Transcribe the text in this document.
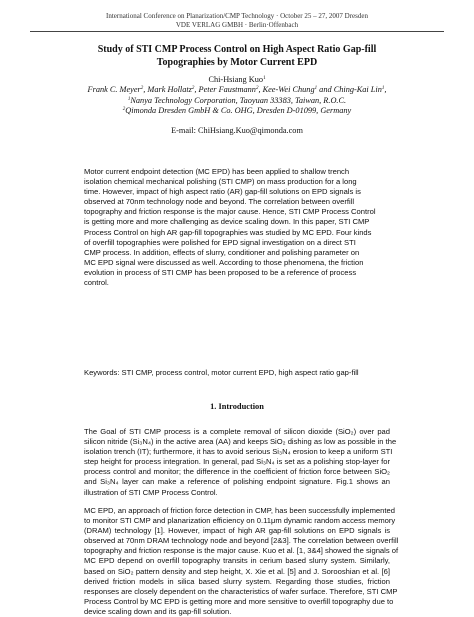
International Conference on Planarization/CMP Technology · October 25 – 27, 2007 Dresden
VDE VERLAG GMBH · Berlin·Offenbach
Study of STI CMP Process Control on High Aspect Ratio Gap-fill
Topographies by Motor Current EPD
Chi-Hsiang Kuo$^1$
Frank C. Meyer$^2$, Mark Hollatz$^2$, Peter Faustmann$^2$, Kee-Wei Chung$^1$ and Ching-Kai Lin$^1$,
$^1$Nanya Technology Corporation, Taoyuan 33383, Taiwan, R.O.C.
$^2$Qimonda Dresden GmbH & Co. OHG, Dresden D-01099, Germany
E-mail: ChiHsiang.Kuo@qimonda.com
Motor current endpoint detection (MC EPD) has been applied to shallow trench
isolation chemical mechanical polishing (STI CMP) on mass production for a long
time. However, impact of high aspect ratio (AR) gap-fill solutions on EPD signals is
observed at 70nm technology node and beyond. The correlation between overfill
topography and friction response is the major cause. Hence, STI CMP Process Control
is getting more and more challenging as device scaling down. In this paper, STI CMP
Process Control on high AR gap-fill topographies was studied by MC EPD. Four kinds
of overfill topographies were polished for EPD signal investigation on a direct STI
CMP process. In addition, effects of slurry, conditioner and polishing parameter on
MC EPD signal were discussed as well. According to those phenomena, the friction
evolution in process of STI CMP has been proposed to be a reference of process
control.
Keywords: STI CMP, process control, motor current EPD, high aspect ratio gap-fill
1. Introduction
The Goal of STI CMP process is a complete removal of silicon dioxide (SiO₂) over pad
silicon nitride (Si₃N₄) in the active area (AA) and keeps SiO₂ dishing as low as possible in the
isolation trench (IT); furthermore, it has to avoid serious Si₃N₄ erosion to keep a uniform STI
step height for process integration. In general, pad Si₃N₄ is set as a polishing stop-layer for
process control and monitor; the difference in the coefficient of friction force between SiO₂
and Si₃N₄ layer can make a reference of polishing endpoint signature. Fig.1 shows an
illustration of STI CMP Process Control.
MC EPD, an approach of friction force detection in CMP, has been successfully implemented
to monitor STI CMP and planarization efficiency on 0.11μm dynamic random access memory
(DRAM) technology [1]. However, impact of high AR gap-fill solutions on EPD signals is
observed at 70nm DRAM technology node and beyond [2&3]. The correlation between overfill
topography and friction response is the major cause. Kuo et al. [1, 3&4] showed the signals of
MC EPD depend on overfill topography transits in cerium based slurry system. Similarly,
based on SiO₂ pattern density and step height, X. Xie et al. [5] and J. Sorooshian et al. [6]
derived friction models in silica based slurry system. Regarding those studies, friction
responses are closely dependent on the characteristics of wafer surface. Therefore, STI CMP
Process Control by MC EPD is getting more and more sensitive to overfill topography due to
device scaling down and its gap-fill solution.
